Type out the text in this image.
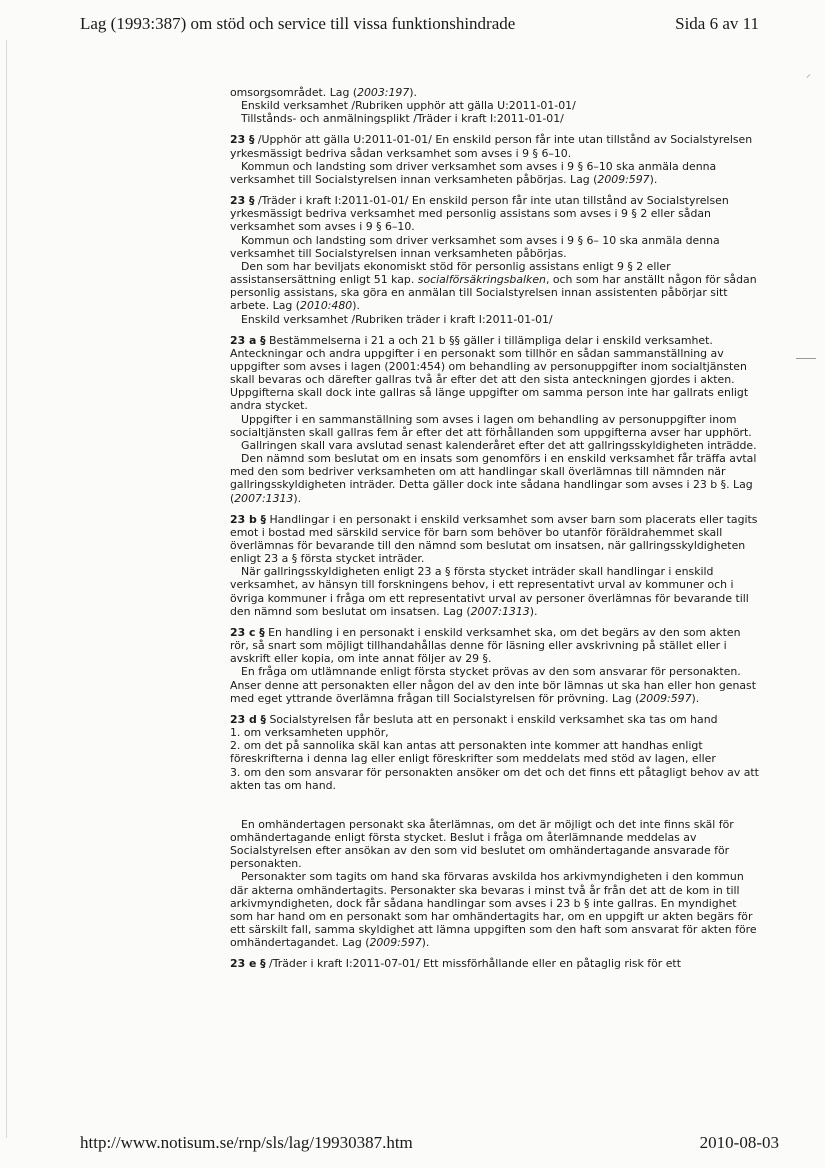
⸝
Lag (1993:387) om stöd och service till vissa funktionshindrade	Sida 6 av 11
omsorgsområdet. Lag (2003:197).
Enskild verksamhet /Rubriken upphör att gälla U:2011-01-01/
Tillstånds- och anmälningsplikt /Träder i kraft I:2011-01-01/
23 § /Upphör att gälla U:2011-01-01/ En enskild person får inte utan tillstånd av Socialstyrelsen yrkesmässigt bedriva sådan verksamhet som avses i 9 § 6–10.
Kommun och landsting som driver verksamhet som avses i 9 § 6–10 ska anmäla denna verksamhet till Socialstyrelsen innan verksamheten påbörjas. Lag (2009:597).
23 § /Träder i kraft I:2011-01-01/ En enskild person får inte utan tillstånd av Socialstyrelsen yrkesmässigt bedriva verksamhet med personlig assistans som avses i 9 § 2 eller sådan verksamhet som avses i 9 § 6–10.
Kommun och landsting som driver verksamhet som avses i 9 § 6– 10 ska anmäla denna verksamhet till Socialstyrelsen innan verksamheten påbörjas.
Den som har beviljats ekonomiskt stöd för personlig assistans enligt 9 § 2 eller assistansersättning enligt 51 kap. socialförsäkringsbalken, och som har anställt någon för sådan personlig assistans, ska göra en anmälan till Socialstyrelsen innan assistenten påbörjar sitt arbete. Lag (2010:480).
Enskild verksamhet /Rubriken träder i kraft I:2011-01-01/
23 a § Bestämmelserna i 21 a och 21 b §§ gäller i tillämpliga delar i enskild verksamhet. Anteckningar och andra uppgifter i en personakt som tillhör en sådan sammanställning av uppgifter som avses i lagen (2001:454) om behandling av personuppgifter inom socialtjänsten skall bevaras och därefter gallras två år efter det att den sista anteckningen gjordes i akten. Uppgifterna skall dock inte gallras så länge uppgifter om samma person inte har gallrats enligt andra stycket.
Uppgifter i en sammanställning som avses i lagen om behandling av personuppgifter inom socialtjänsten skall gallras fem år efter det att förhållanden som uppgifterna avser har upphört.
Gallringen skall vara avslutad senast kalenderåret efter det att gallringsskyldigheten inträdde.
Den nämnd som beslutat om en insats som genomförs i en enskild verksamhet får träffa avtal med den som bedriver verksamheten om att handlingar skall överlämnas till nämnden när gallringsskyldigheten inträder. Detta gäller dock inte sådana handlingar som avses i 23 b §. Lag (2007:1313).
23 b § Handlingar i en personakt i enskild verksamhet som avser barn som placerats eller tagits emot i bostad med särskild service för barn som behöver bo utanför föräldrahemmet skall överlämnas för bevarande till den nämnd som beslutat om insatsen, när gallringsskyldigheten enligt 23 a § första stycket inträder.
När gallringsskyldigheten enligt 23 a § första stycket inträder skall handlingar i enskild verksamhet, av hänsyn till forskningens behov, i ett representativt urval av kommuner och i övriga kommuner i fråga om ett representativt urval av personer överlämnas för bevarande till den nämnd som beslutat om insatsen. Lag (2007:1313).
23 c § En handling i en personakt i enskild verksamhet ska, om det begärs av den som akten rör, så snart som möjligt tillhandahållas denne för läsning eller avskrivning på stället eller i avskrift eller kopia, om inte annat följer av 29 §.
En fråga om utlämnande enligt första stycket prövas av den som ansvarar för personakten. Anser denne att personakten eller någon del av den inte bör lämnas ut ska han eller hon genast med eget yttrande överlämna frågan till Socialstyrelsen för prövning. Lag (2009:597).
23 d § Socialstyrelsen får besluta att en personakt i enskild verksamhet ska tas om hand
1. om verksamheten upphör,
2. om det på sannolika skäl kan antas att personakten inte kommer att handhas enligt föreskrifterna i denna lag eller enligt föreskrifter som meddelats med stöd av lagen, eller
3. om den som ansvarar för personakten ansöker om det och det finns ett påtagligt behov av att akten tas om hand.
En omhändertagen personakt ska återlämnas, om det är möjligt och det inte finns skäl för omhändertagande enligt första stycket. Beslut i fråga om återlämnande meddelas av Socialstyrelsen efter ansökan av den som vid beslutet om omhändertagande ansvarade för personakten.
Personakter som tagits om hand ska förvaras avskilda hos arkivmyndigheten i den kommun där akterna omhändertagits. Personakter ska bevaras i minst två år från det att de kom in till arkivmyndigheten, dock får sådana handlingar som avses i 23 b § inte gallras. En myndighet som har hand om en personakt som har omhändertagits har, om en uppgift ur akten begärs för ett särskilt fall, samma skyldighet att lämna uppgiften som den haft som ansvarat för akten före omhändertagandet. Lag (2009:597).
23 e § /Träder i kraft I:2011-07-01/ Ett missförhållande eller en påtaglig risk för ett
http://www.notisum.se/rnp/sls/lag/19930387.htm	2010-08-03
